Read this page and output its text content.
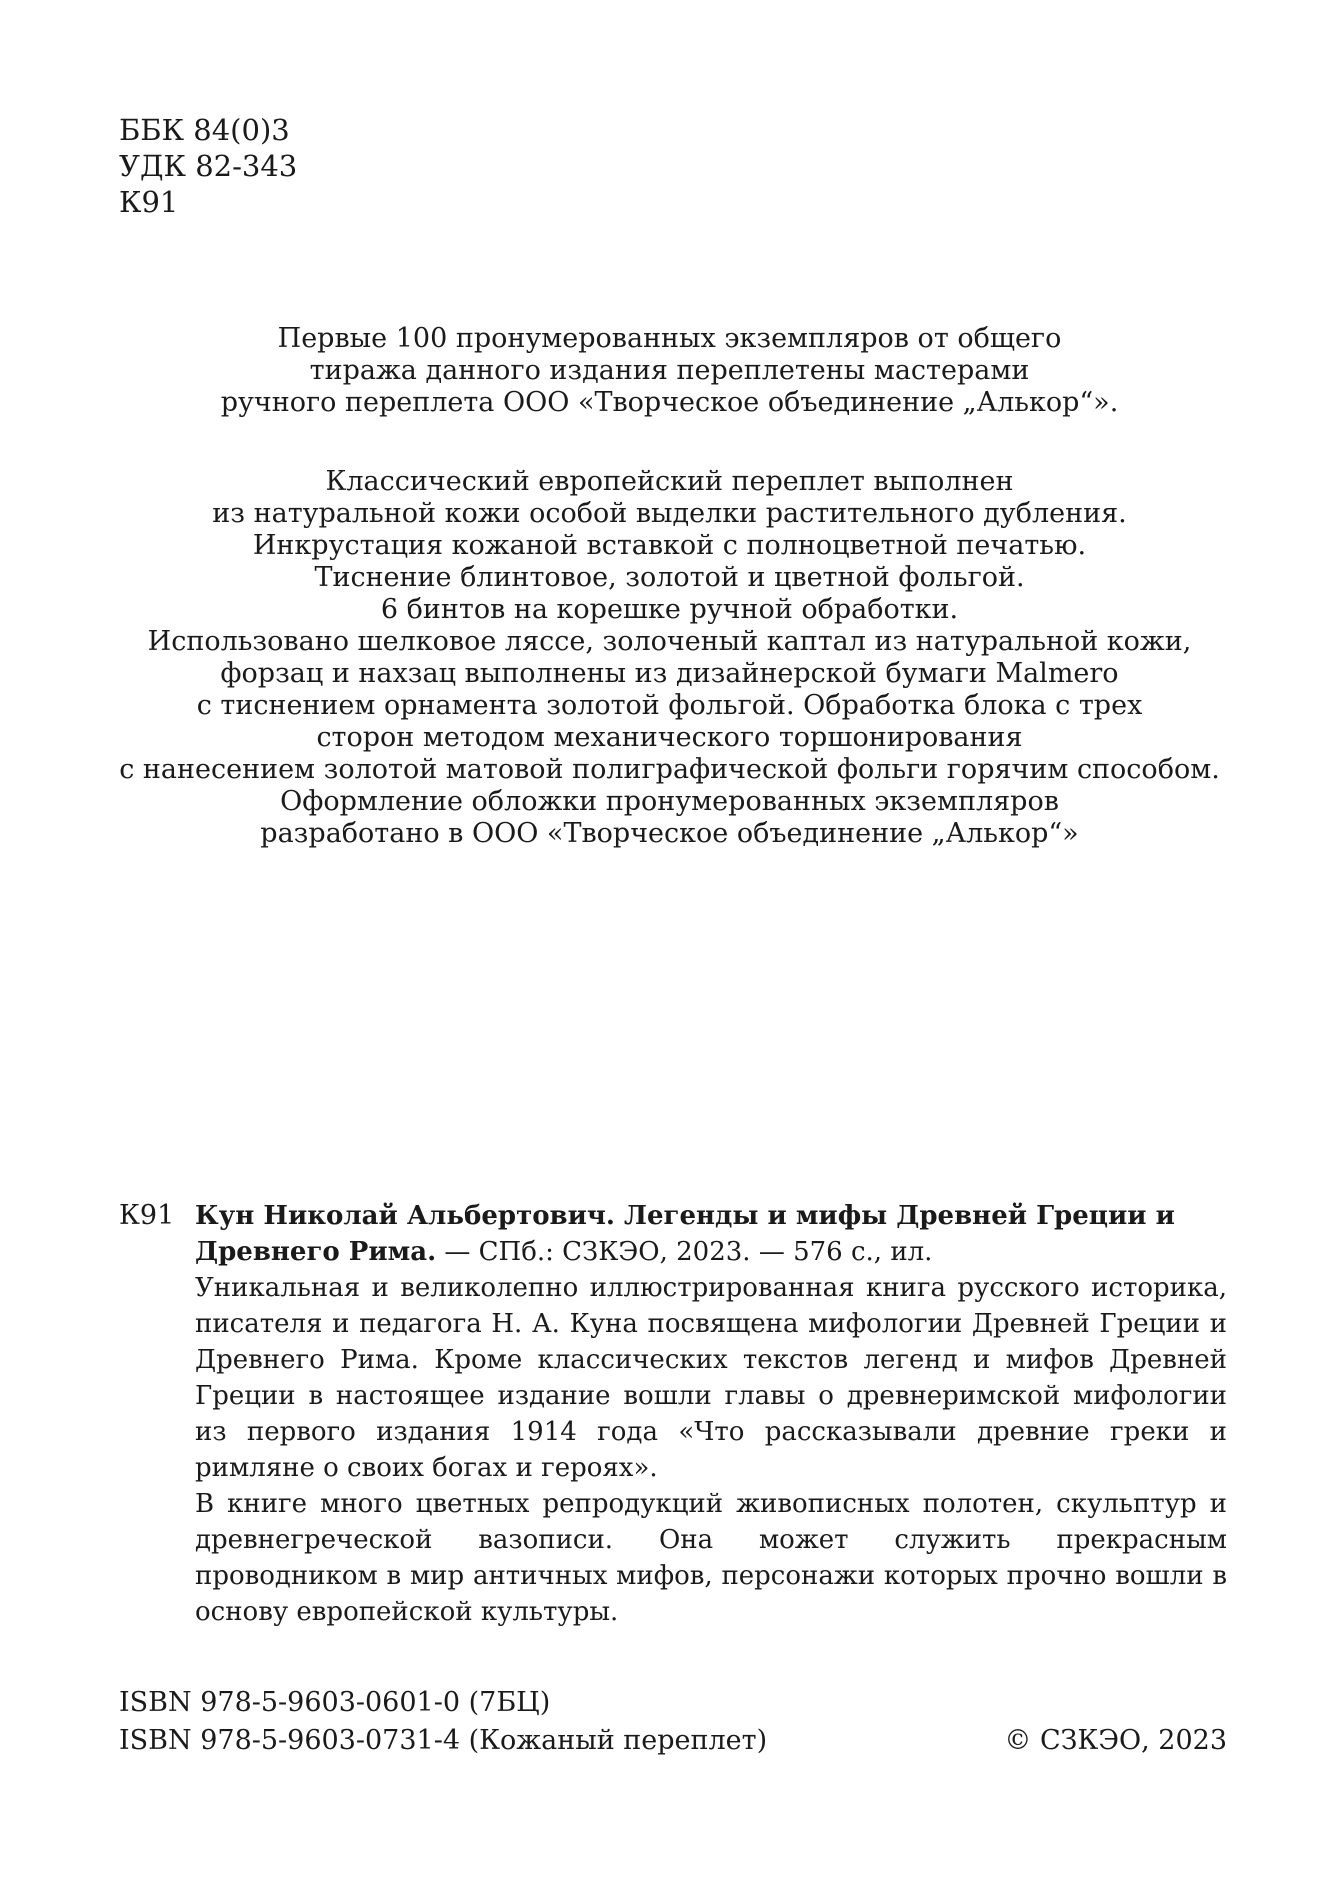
ББК 84(0)3
УДК 82-343
К91
Первые 100 пронумерованных экземпляров от общего
тиража данного издания переплетены мастерами
ручного переплета ООО «Творческое объединение „Алькор“».
Классический европейский переплет выполнен
из натуральной кожи особой выделки растительного дубления.
Инкрустация кожаной вставкой с полноцветной печатью.
Тиснение блинтовое, золотой и цветной фольгой.
6 бинтов на корешке ручной обработки.
Использовано шелковое ляссе, золоченый каптал из натуральной кожи,
форзац и нахзац выполнены из дизайнерской бумаги Malmero
с тиснением орнамента золотой фольгой. Обработка блока с трех
сторон методом механического торшонирования
с нанесением золотой матовой полиграфической фольги горячим способом.
Оформление обложки пронумерованных экземпляров
разработано в ООО «Творческое объединение „Алькор“»
К91 Кун Николай Альбертович. Легенды и мифы Древней Греции и Древнего Рима. — СПб.: СЗКЭО, 2023. — 576 с., ил.

Уникальная и великолепно иллюстрированная книга русского историка, писателя и педагога Н. А. Куна посвящена мифологии Древней Греции и Древнего Рима. Кроме классических текстов легенд и мифов Древней Греции в настоящее издание вошли главы о древнеримской мифологии из первого издания 1914 года «Что рассказывали древние греки и римляне о своих богах и героях».

В книге много цветных репродукций живописных полотен, скульптур и древнегреческой вазописи. Она может служить прекрасным проводником в мир античных мифов, персонажи которых прочно вошли в основу европейской культуры.

ISBN 978-5-9603-0601-0 (7БЦ)
ISBN 978-5-9603-0731-4 (Кожаный переплет)	© СЗКЭО, 2023
